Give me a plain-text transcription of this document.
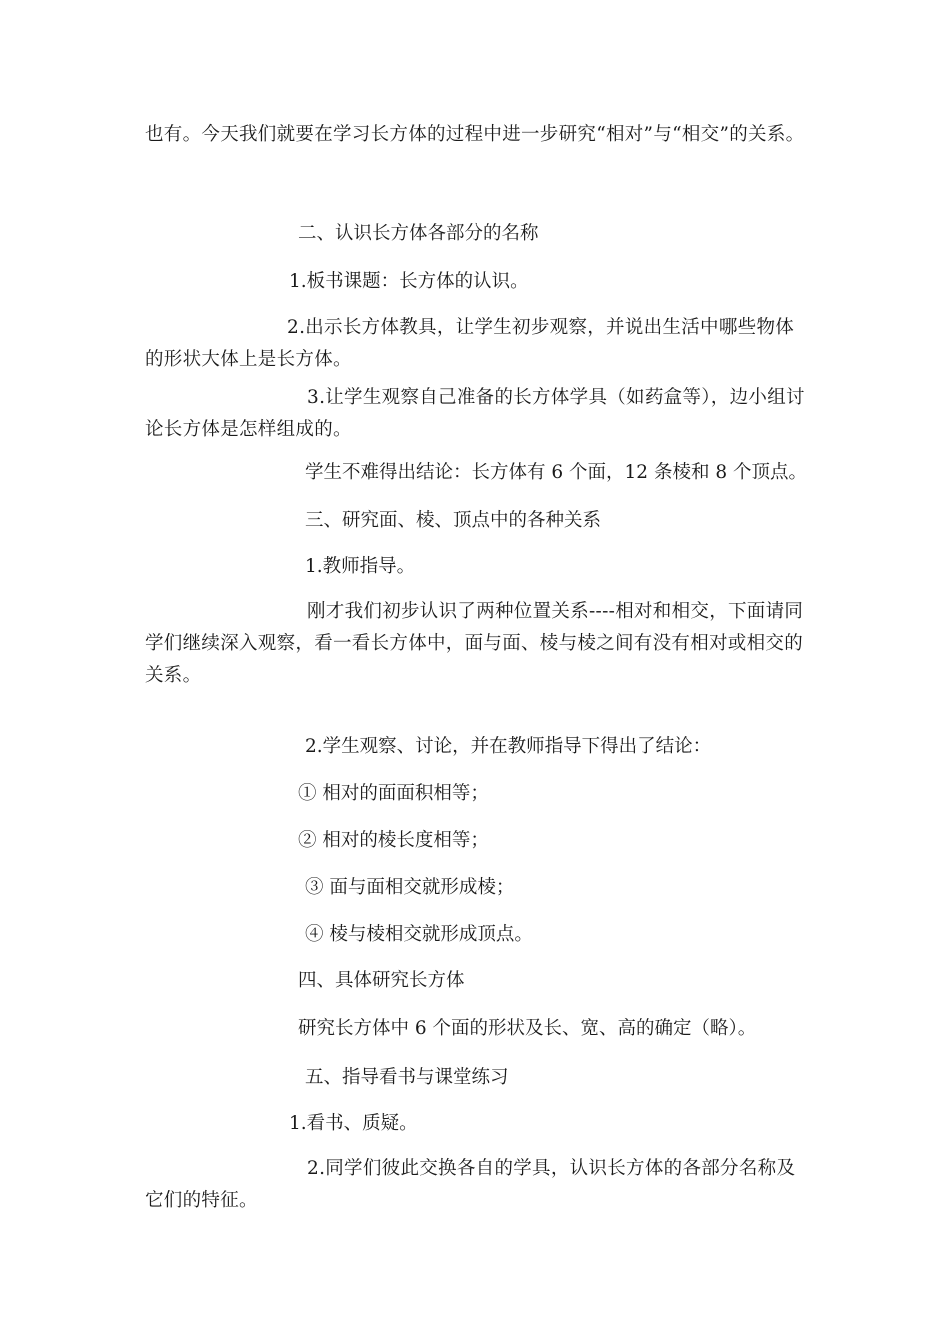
也有。今天我们就要在学习长方体的过程中进一步研究“相对”与“相交”的关系。
二、认识长方体各部分的名称
1.板书课题：长方体的认识。
2.出示长方体教具，让学生初步观察，并说出生活中哪些物体的形状大体上是长方体。
3.让学生观察自己准备的长方体学具（如药盒等），边小组讨论长方体是怎样组成的。
学生不难得出结论：长方体有 6 个面，12 条棱和 8 个顶点。
三、研究面、棱、顶点中的各种关系
1.教师指导。
刚才我们初步认识了两种位置关系----相对和相交，下面请同学们继续深入观察，看一看长方体中，面与面、棱与棱之间有没有相对或相交的关系。
2.学生观察、讨论，并在教师指导下得出了结论：
① 相对的面面积相等；
② 相对的棱长度相等；
③ 面与面相交就形成棱；
④ 棱与棱相交就形成顶点。
四、具体研究长方体
研究长方体中 6 个面的形状及长、宽、高的确定（略）。
五、指导看书与课堂练习
1.看书、质疑。
2.同学们彼此交换各自的学具，认识长方体的各部分名称及它们的特征。
